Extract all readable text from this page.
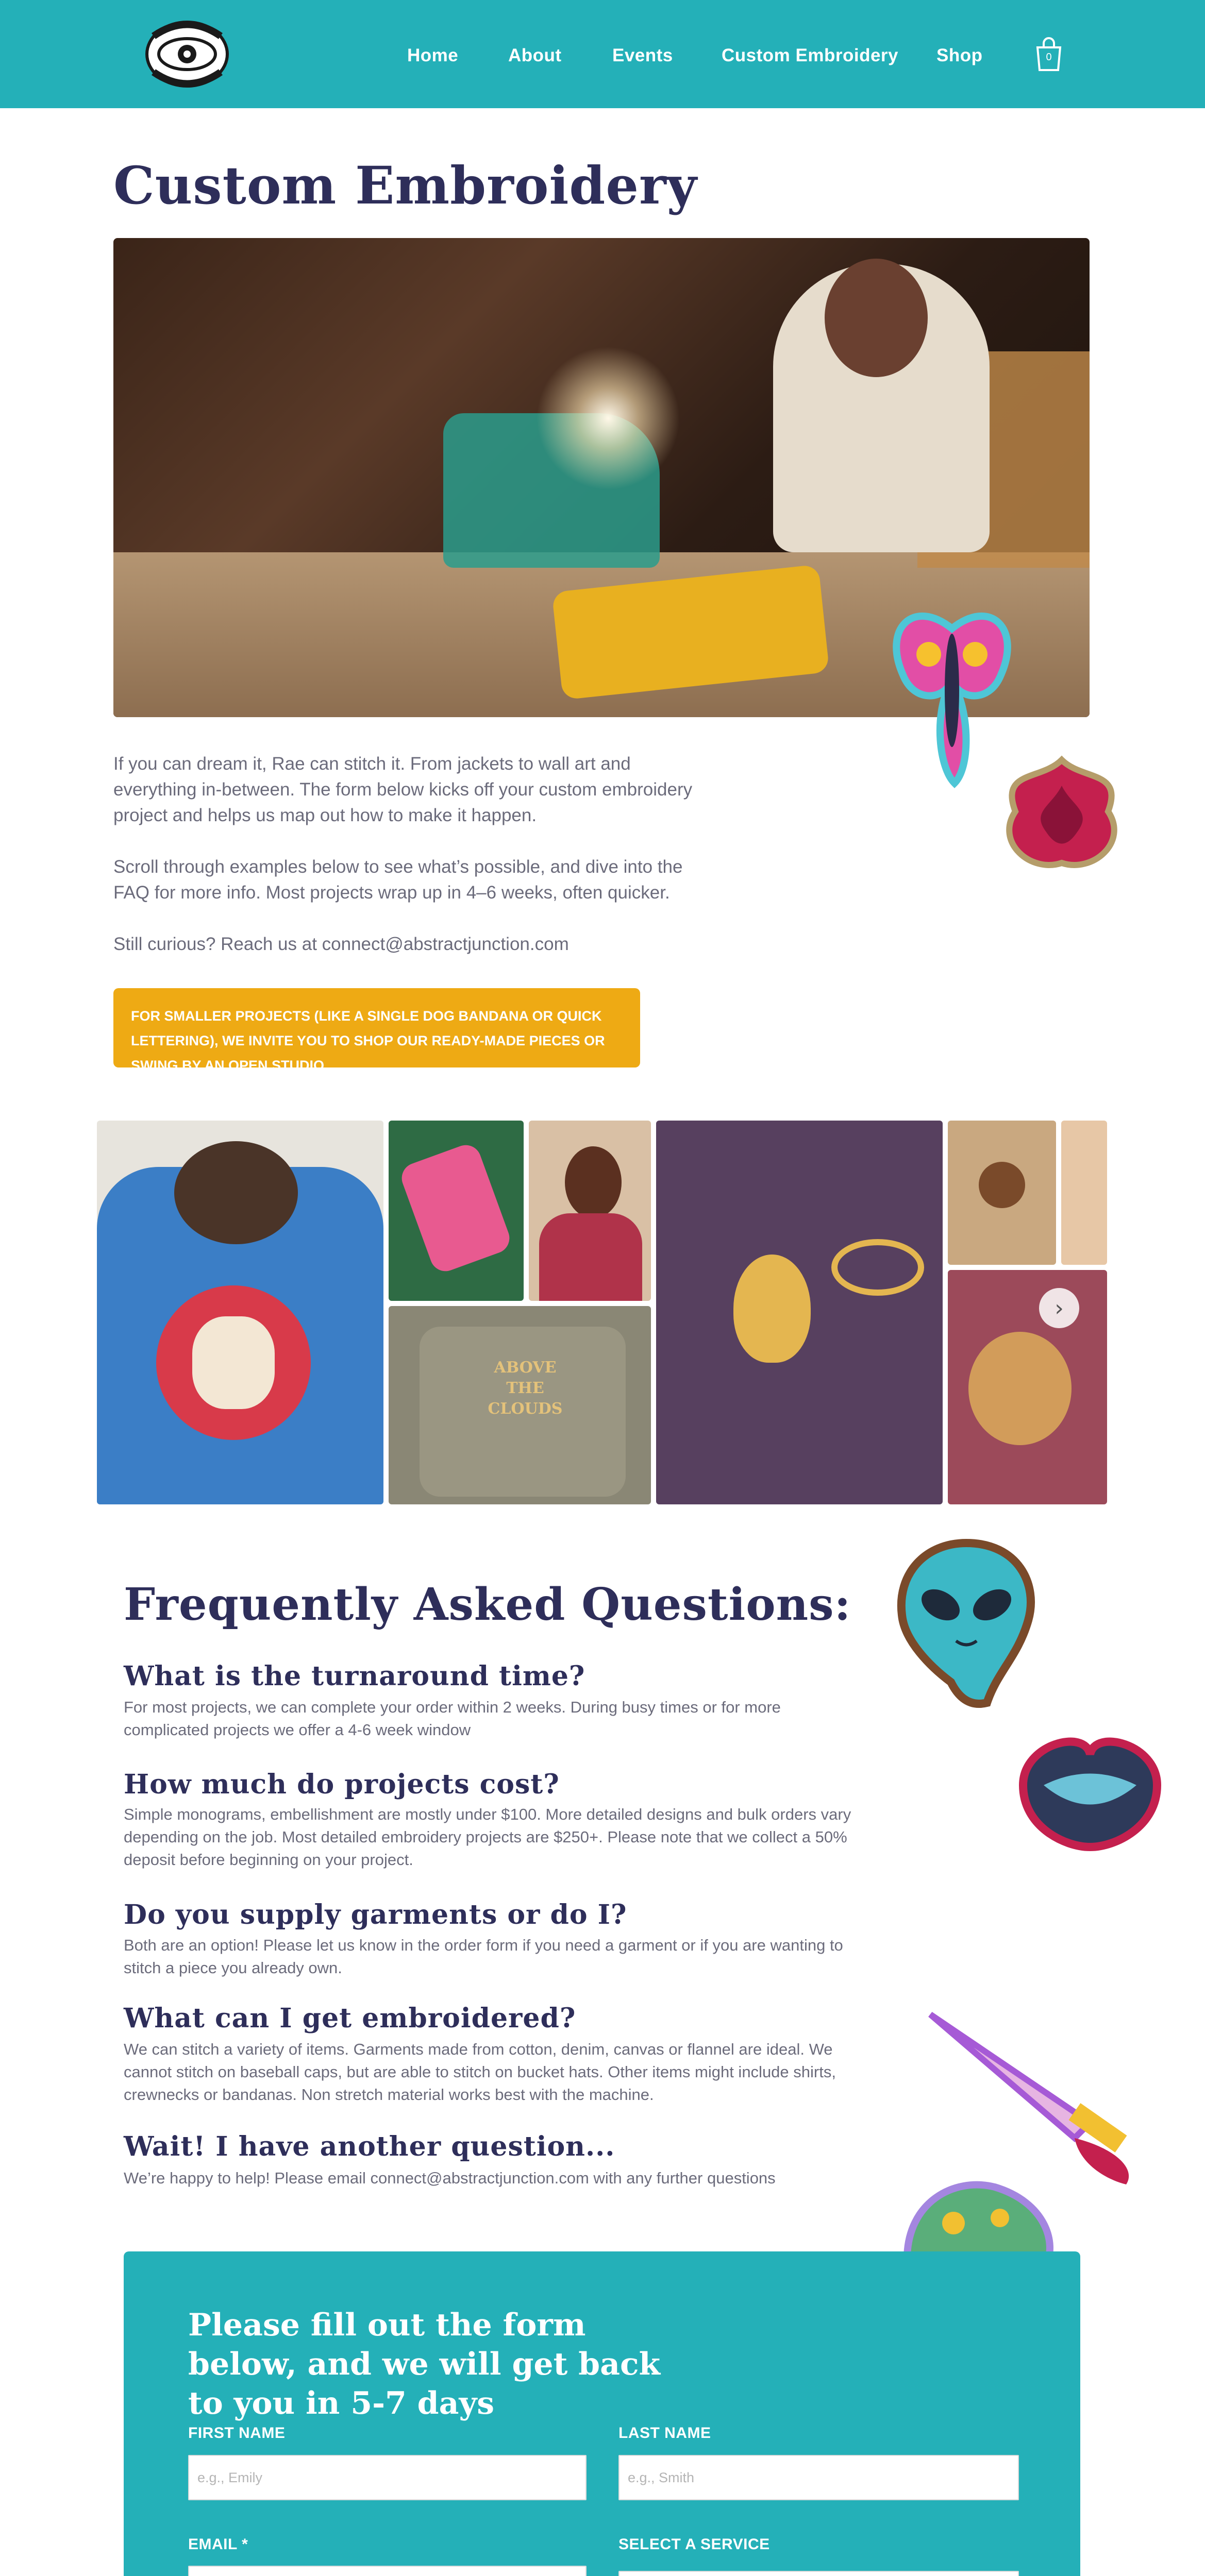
Home	About	Events	Custom Embroidery Shop	0
Custom Embroidery

If you can dream it, Rae can stitch it. From jackets to wall art and everything in-between. The form below kicks off your custom embroidery project and helps us map out how to make it happen.

Scroll through examples below to see what’s possible, and dive into the FAQ for more info. Most projects wrap up in 4–6 weeks, often quicker.

Still curious? Reach us at connect@abstractjunction.com

FOR SMALLER PROJECTS (LIKE A SINGLE DOG BANDANA OR QUICK LETTERING), WE INVITE YOU TO SHOP OUR READY-MADE PIECES OR SWING BY AN OPEN STUDIO.
ABOVE THE CLOUDS
›
Frequently Asked Questions:
What is the turnaround time?

For most projects, we can complete your order within 2 weeks. During busy times or for more complicated projects we offer a 4-6 week window

How much do projects cost?

Simple monograms, embellishment are mostly under $100. More detailed designs and bulk orders vary depending on the job. Most detailed embroidery projects are $250+. Please note that we collect a 50% deposit before beginning on your project.

Do you supply garments or do I?

Both are an option! Please let us know in the order form if you need a garment or if you are wanting to stitch a piece you already own.

What can I get embroidered?

We can stitch a variety of items. Garments made from cotton, denim, canvas or flannel are ideal. We cannot stitch on baseball caps, but are able to stitch on bucket hats. Other items might include shirts, crewnecks or bandanas. Non stretch material works best with the machine.

Wait! I have another question...

We’re happy to help! Please email connect@abstractjunction.com with any further questions

Please fill out the form below, and we will get back to you in 5-7 days
FIRST NAME
e.g., Emily
LAST NAME
e.g., Smith
EMAIL *	SELECT A SERVICE
